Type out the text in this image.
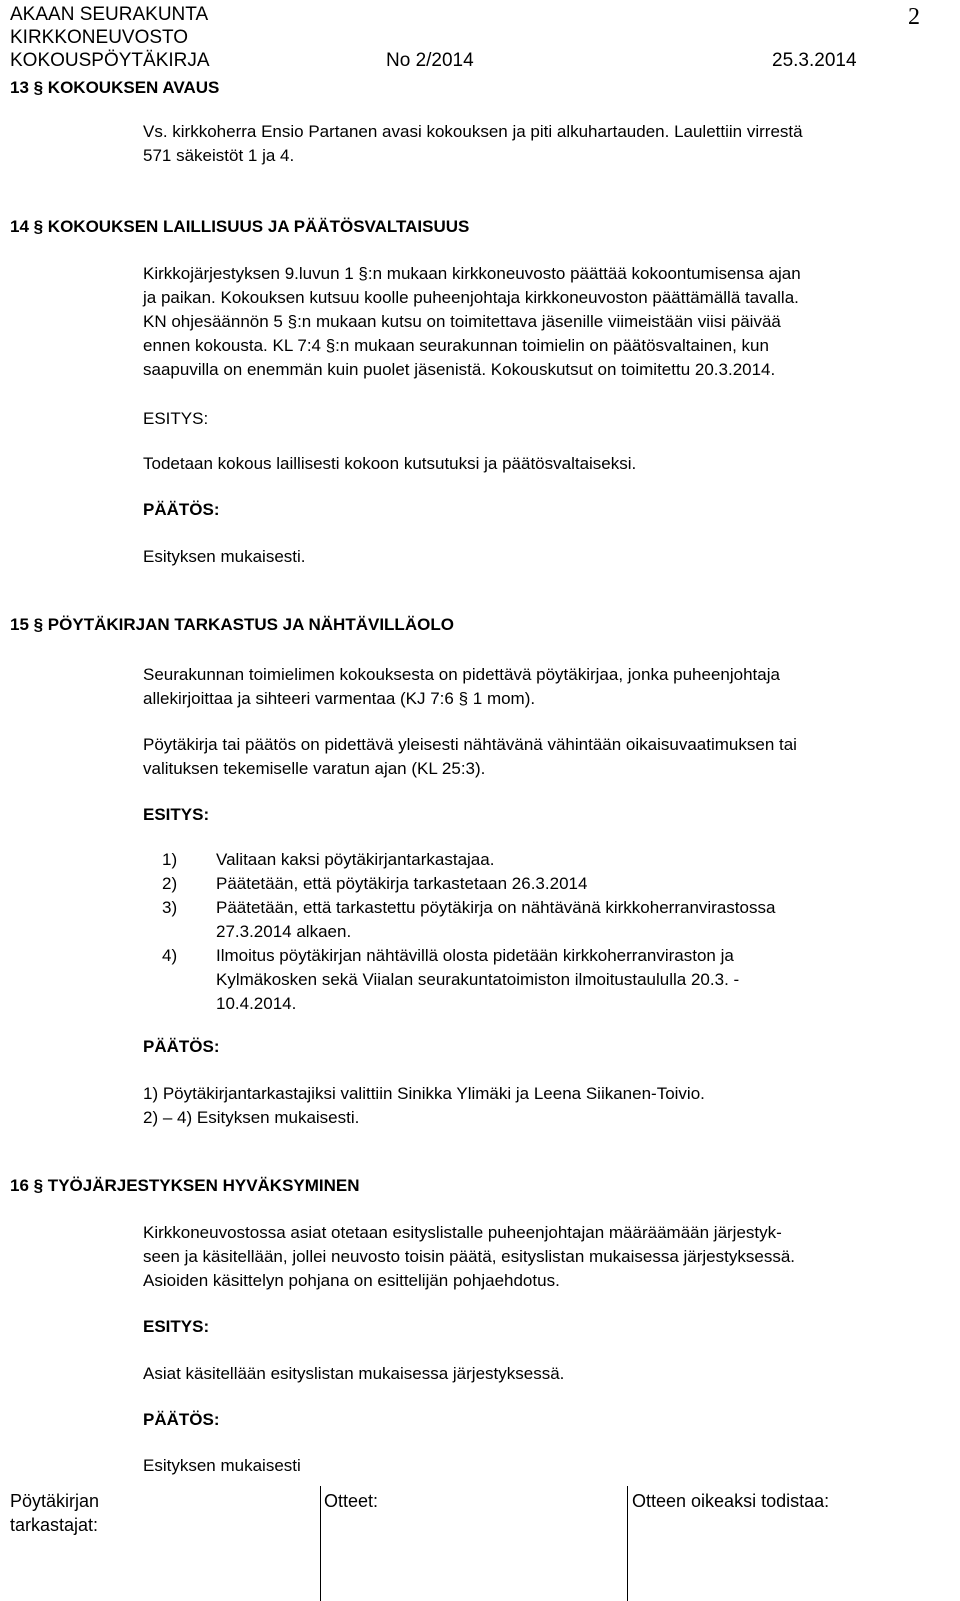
AKAAN SEURAKUNTA
KIRKKONEUVOSTO
KOKOUSPÖYTÄKIRJA	No 2/2014	25.3.2014
2
13 § KOKOUKSEN AVAUS
Vs. kirkkoherra Ensio Partanen avasi kokouksen ja piti alkuhartauden. Laulettiin virrestä
571 säkeistöt 1 ja 4.
14 § KOKOUKSEN LAILLISUUS JA PÄÄTÖSVALTAISUUS
Kirkkojärjestyksen 9.luvun 1 §:n mukaan kirkkoneuvosto päättää kokoontumisensa ajan
ja paikan. Kokouksen kutsuu koolle puheenjohtaja kirkkoneuvoston päättämällä tavalla.
KN ohjesäännön 5 §:n mukaan kutsu on toimitettava jäsenille viimeistään viisi päivää
ennen kokousta. KL 7:4 §:n mukaan seurakunnan toimielin on päätösvaltainen, kun
saapuvilla on enemmän kuin puolet jäsenistä. Kokouskutsut on toimitettu 20.3.2014.
ESITYS:
Todetaan kokous laillisesti kokoon kutsutuksi ja päätösvaltaiseksi.
PÄÄTÖS:
Esityksen mukaisesti.
15 § PÖYTÄKIRJAN TARKASTUS JA NÄHTÄVILLÄOLO
Seurakunnan toimielimen kokouksesta on pidettävä pöytäkirjaa, jonka puheenjohtaja
allekirjoittaa ja sihteeri varmentaa (KJ 7:6 § 1 mom).
Pöytäkirja tai päätös on pidettävä yleisesti nähtävänä vähintään oikaisuvaatimuksen tai
valituksen tekemiselle varatun ajan (KL 25:3).
ESITYS:
1) Valitaan kaksi pöytäkirjantarkastajaa.
2) Päätetään, että pöytäkirja tarkastetaan 26.3.2014
3) Päätetään, että tarkastettu pöytäkirja on nähtävänä kirkkoherranvirastossa
27.3.2014 alkaen.
4) Ilmoitus pöytäkirjan nähtävillä olosta pidetään kirkkoherranviraston ja
Kylmäkosken sekä Viialan seurakuntatoimiston ilmoitustaululla 20.3. -
10.4.2014.
PÄÄTÖS:
1) Pöytäkirjantarkastajiksi valittiin Sinikka Ylimäki ja Leena Siikanen-Toivio.
2) – 4) Esityksen mukaisesti.
16 § TYÖJÄRJESTYKSEN HYVÄKSYMINEN
Kirkkoneuvostossa asiat otetaan esityslistalle puheenjohtajan määräämään järjestyk-
seen ja käsitellään, jollei neuvosto toisin päätä, esityslistan mukaisessa järjestyksessä.
Asioiden käsittelyn pohjana on esittelijän pohjaehdotus.
ESITYS:
Asiat käsitellään esityslistan mukaisessa järjestyksessä.
PÄÄTÖS:
Esityksen mukaisesti
Pöytäkirjan
tarkastajat:
Otteet:	Otteen oikeaksi todistaa:
